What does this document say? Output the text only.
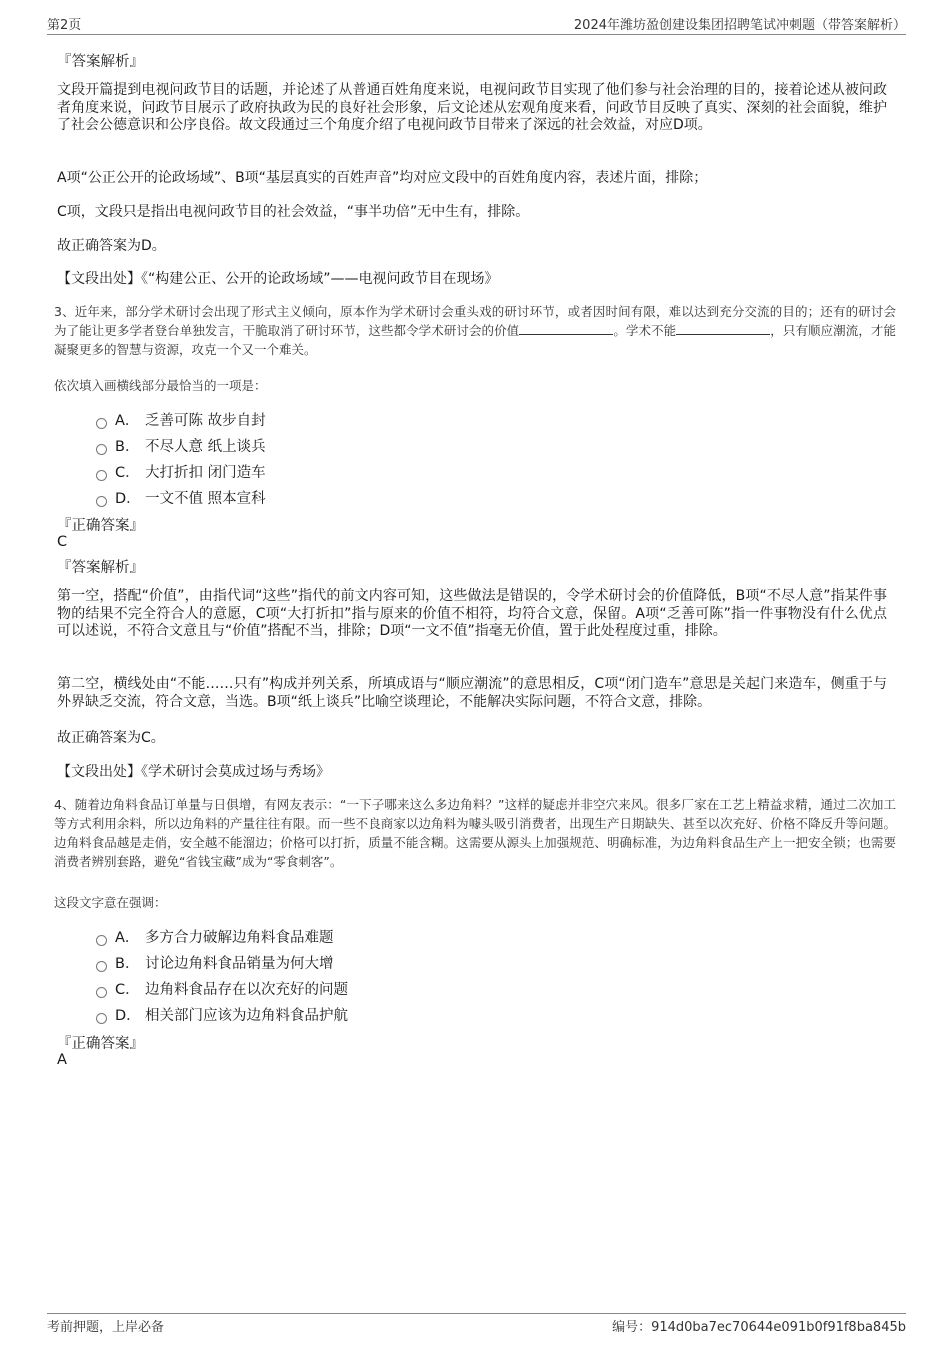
第2页	2024年潍坊盈创建设集团招聘笔试冲刺题（带答案解析）
『答案解析』

文段开篇提到电视问政节目的话题，并论述了从普通百姓角度来说，电视问政节目实现了他们参与社会治理的目的，接着论述从被问政者角度来说，问政节目展示了政府执政为民的良好社会形象，后文论述从宏观角度来看，问政节目反映了真实、深刻的社会面貌，维护了社会公德意识和公序良俗。故文段通过三个角度介绍了电视问政节目带来了深远的社会效益，对应D项。

A项“公正公开的论政场域”、B项“基层真实的百姓声音”均对应文段中的百姓角度内容，表述片面，排除；

C项，文段只是指出电视问政节目的社会效益，“事半功倍”无中生有，排除。

故正确答案为D。

【文段出处】《“构建公正、公开的论政场域”——电视问政节目在现场》

3、近年来，部分学术研讨会出现了形式主义倾向，原本作为学术研讨会重头戏的研讨环节，或者因时间有限，难以达到充分交流的目的；还有的研讨会为了能让更多学者登台单独发言，干脆取消了研讨环节，这些都令学术研讨会的价值	。学术不能	，只有顺应潮流，才能凝聚更多的智慧与资源，攻克一个又一个难关。

依次填入画横线部分最恰当的一项是：
A． 乏善可陈 故步自封
B． 不尽人意 纸上谈兵
C． 大打折扣 闭门造车
D． 一文不值 照本宣科
『正确答案』
C
『答案解析』

第一空，搭配“价值”，由指代词“这些”指代的前文内容可知，这些做法是错误的，令学术研讨会的价值降低，B项“不尽人意”指某件事物的结果不完全符合人的意愿，C项“大打折扣”指与原来的价值不相符，均符合文意，保留。A项“乏善可陈”指一件事物没有什么优点可以述说，不符合文意且与“价值”搭配不当，排除；D项“一文不值”指毫无价值，置于此处程度过重，排除。

第二空，横线处由“不能……只有”构成并列关系，所填成语与“顺应潮流”的意思相反，C项“闭门造车”意思是关起门来造车，侧重于与外界缺乏交流，符合文意，当选。B项“纸上谈兵”比喻空谈理论，不能解决实际问题，不符合文意，排除。

故正确答案为C。

【文段出处】《学术研讨会莫成过场与秀场》

4、随着边角料食品订单量与日俱增，有网友表示：“一下子哪来这么多边角料？”这样的疑虑并非空穴来风。很多厂家在工艺上精益求精，通过二次加工等方式利用余料，所以边角料的产量往往有限。而一些不良商家以边角料为噱头吸引消费者，出现生产日期缺失、甚至以次充好、价格不降反升等问题。边角料食品越是走俏，安全越不能溜边；价格可以打折，质量不能含糊。这需要从源头上加强规范、明确标准，为边角料食品生产上一把安全锁；也需要消费者辨别套路，避免“省钱宝藏”成为“零食刺客”。

这段文字意在强调：
A． 多方合力破解边角料食品难题
B． 讨论边角料食品销量为何大增
C． 边角料食品存在以次充好的问题
D． 相关部门应该为边角料食品护航
『正确答案』
A
考前押题，上岸必备	编号：914d0ba7ec70644e091b0f91f8ba845b
